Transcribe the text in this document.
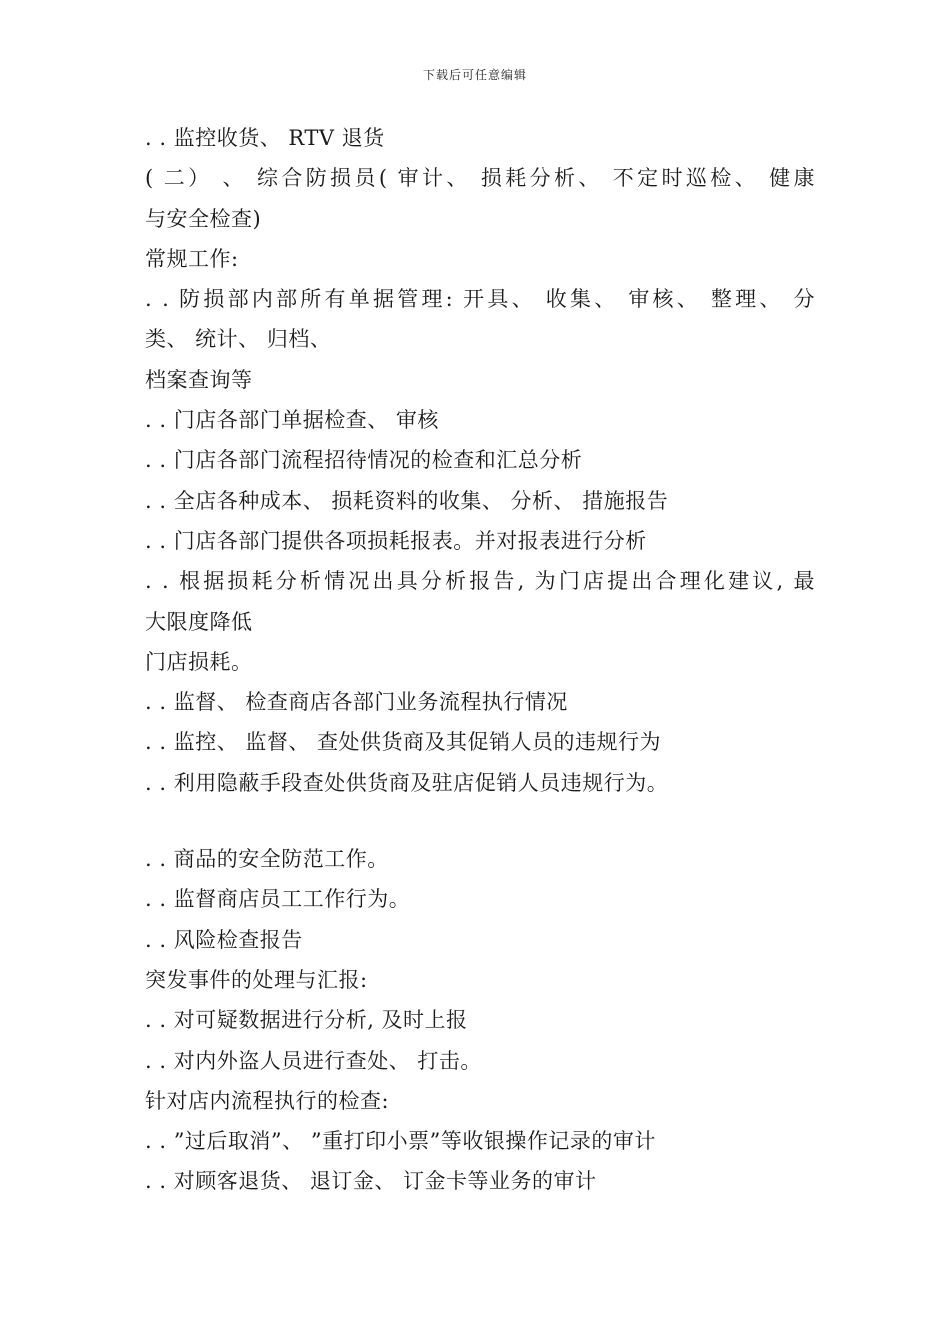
下载后可任意编辑
. . 监控收货、 RTV 退货
( 二） 、 综合防损员( 审计、 损耗分析、 不定时巡检、 健康
与安全检查)
常规工作:
. . 防损部内部所有单据管理: 开具、 收集、 审核、 整理、 分
类、 统计、 归档、
档案查询等
. . 门店各部门单据检查、 审核
. . 门店各部门流程招待情况的检查和汇总分析
. . 全店各种成本、 损耗资料的收集、 分析、 措施报告
. . 门店各部门提供各项损耗报表。并对报表进行分析
. . 根据损耗分析情况出具分析报告, 为门店提出合理化建议, 最
大限度降低
门店损耗。
. . 监督、 检查商店各部门业务流程执行情况
. . 监控、 监督、 查处供货商及其促销人员的违规行为
. . 利用隐蔽手段查处供货商及驻店促销人员违规行为。
. . 商品的安全防范工作。
. . 监督商店员工工作行为。
. . 风险检查报告
突发事件的处理与汇报:
. . 对可疑数据进行分析, 及时上报
. . 对内外盗人员进行查处、 打击。
针对店内流程执行的检查:
. . ”过后取消”、 ”重打印小票”等收银操作记录的审计
. . 对顾客退货、 退订金、 订金卡等业务的审计
